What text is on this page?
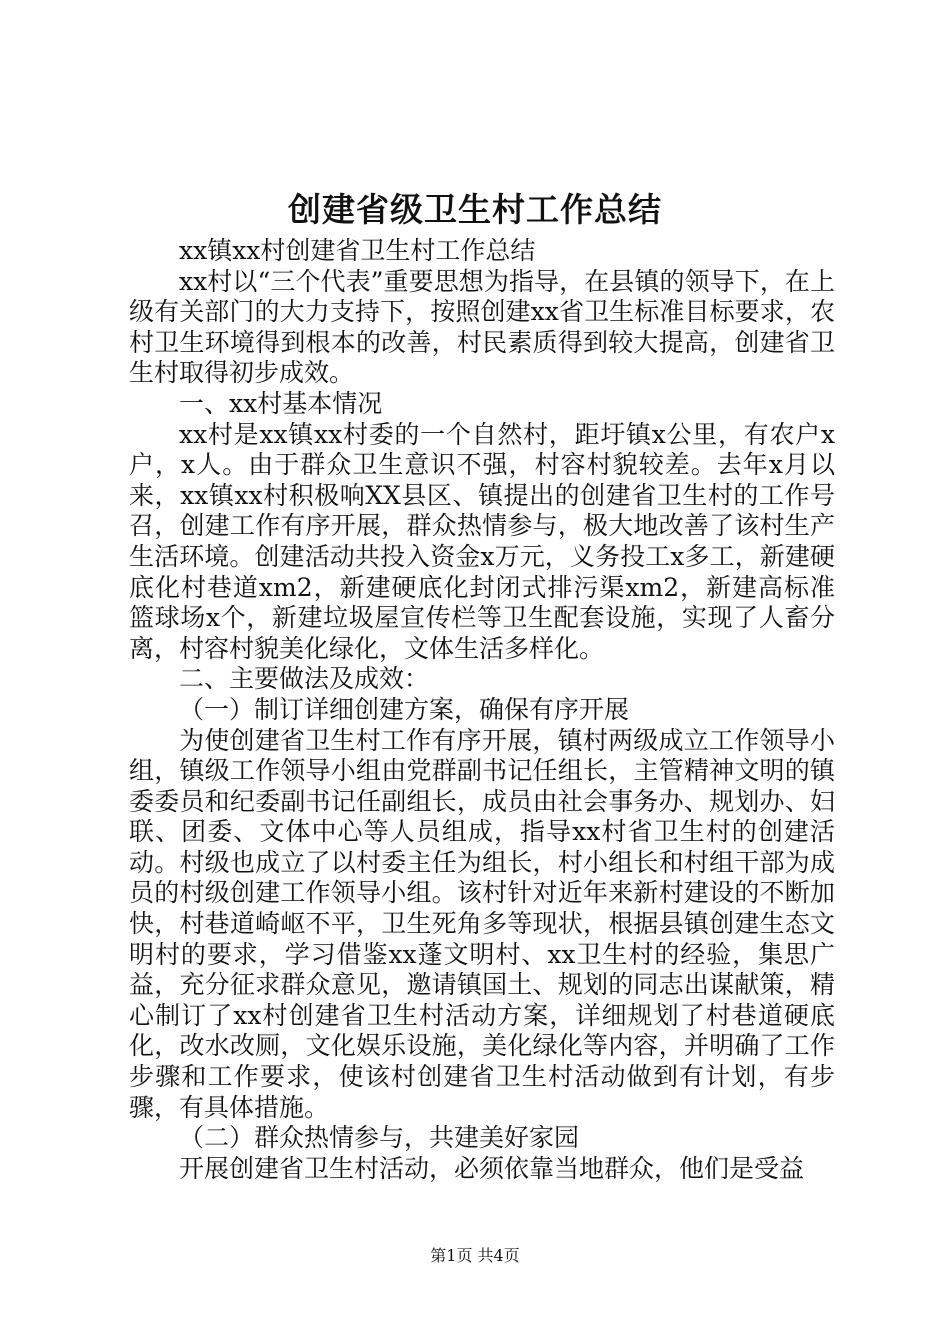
创建省级卫生村工作总结

xx镇xx村创建省卫生村工作总结

xx村以“三个代表”重要思想为指导，在县镇的领导下，在上级有关部门的大力支持下，按照创建xx省卫生标准目标要求，农村卫生环境得到根本的改善，村民素质得到较大提高，创建省卫生村取得初步成效。

一、xx村基本情况

xx村是xx镇xx村委的一个自然村，距圩镇x公里，有农户x户，x人。由于群众卫生意识不强，村容村貌较差。去年x月以来，xx镇xx村积极响XX县区、镇提出的创建省卫生村的工作号召，创建工作有序开展，群众热情参与，极大地改善了该村生产生活环境。创建活动共投入资金x万元，义务投工x多工，新建硬底化村巷道xm2，新建硬底化封闭式排污渠xm2，新建高标准篮球场x个，新建垃圾屋宣传栏等卫生配套设施，实现了人畜分离，村容村貌美化绿化，文体生活多样化。

二、主要做法及成效：

（一）制订详细创建方案，确保有序开展

为使创建省卫生村工作有序开展，镇村两级成立工作领导小组，镇级工作领导小组由党群副书记任组长，主管精神文明的镇委委员和纪委副书记任副组长，成员由社会事务办、规划办、妇联、团委、文体中心等人员组成，指导xx村省卫生村的创建活动。村级也成立了以村委主任为组长，村小组长和村组干部为成员的村级创建工作领导小组。该村针对近年来新村建设的不断加快，村巷道崎岖不平，卫生死角多等现状，根据县镇创建生态文明村的要求，学习借鉴xx蓬文明村、xx卫生村的经验，集思广益，充分征求群众意见，邀请镇国土、规划的同志出谋献策，精心制订了xx村创建省卫生村活动方案，详细规划了村巷道硬底化，改水改厕，文化娱乐设施，美化绿化等内容，并明确了工作步骤和工作要求，使该村创建省卫生村活动做到有计划，有步骤，有具体措施。

（二）群众热情参与，共建美好家园

开展创建省卫生村活动，必须依靠当地群众，他们是受益

第1页 共4页
